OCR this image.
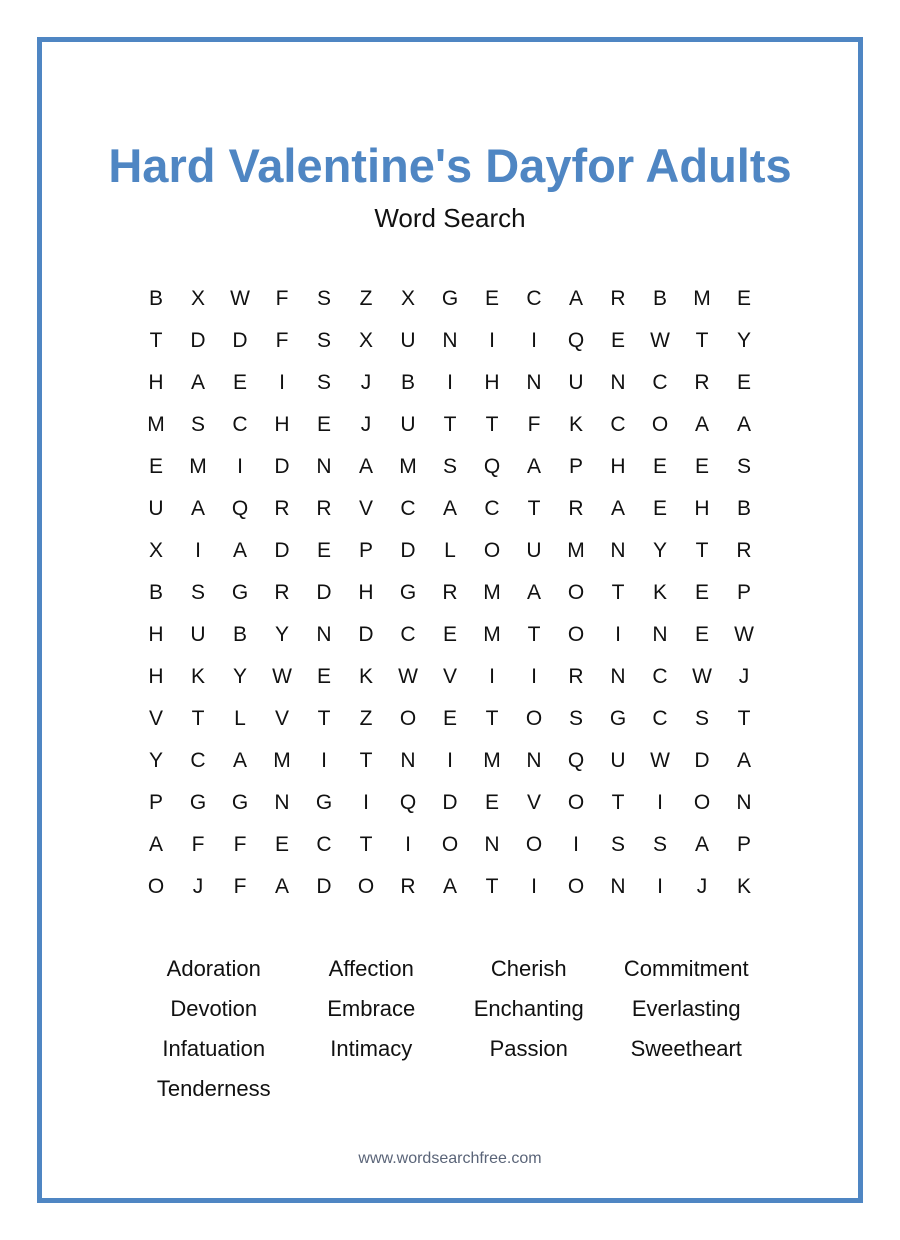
Hard Valentine's Dayfor Adults
Word Search
B	X	W	F	S	Z	X	G	E	C	A	R	B	M	E
T	D	D	F	S	X	U	N	I	I	Q	E	W	T	Y
H	A	E	I	S	J	B	I	H	N	U	N	C	R	E
M	S	C	H	E	J	U	T	T	F	K	C	O	A	A
E	M	I	D	N	A	M	S	Q	A	P	H	E	E	S
U	A	Q	R	R	V	C	A	C	T	R	A	E	H	B
X	I	A	D	E	P	D	L	O	U	M	N	Y	T	R
B	S	G	R	D	H	G	R	M	A	O	T	K	E	P
H	U	B	Y	N	D	C	E	M	T	O	I	N	E	W
H	K	Y	W	E	K	W	V	I	I	R	N	C	W	J
V	T	L	V	T	Z	O	E	T	O	S	G	C	S	T
Y	C	A	M	I	T	N	I	M	N	Q	U	W	D	A
P	G	G	N	G	I	Q	D	E	V	O	T	I	O	N
A	F	F	E	C	T	I	O	N	O	I	S	S	A	P
O	J	F	A	D	O	R	A	T	I	O	N	I	J	K
Adoration	Affection	Cherish	Commitment
Devotion	Embrace	Enchanting	Everlasting
Infatuation	Intimacy	Passion	Sweetheart
Tenderness
www.wordsearchfree.com
